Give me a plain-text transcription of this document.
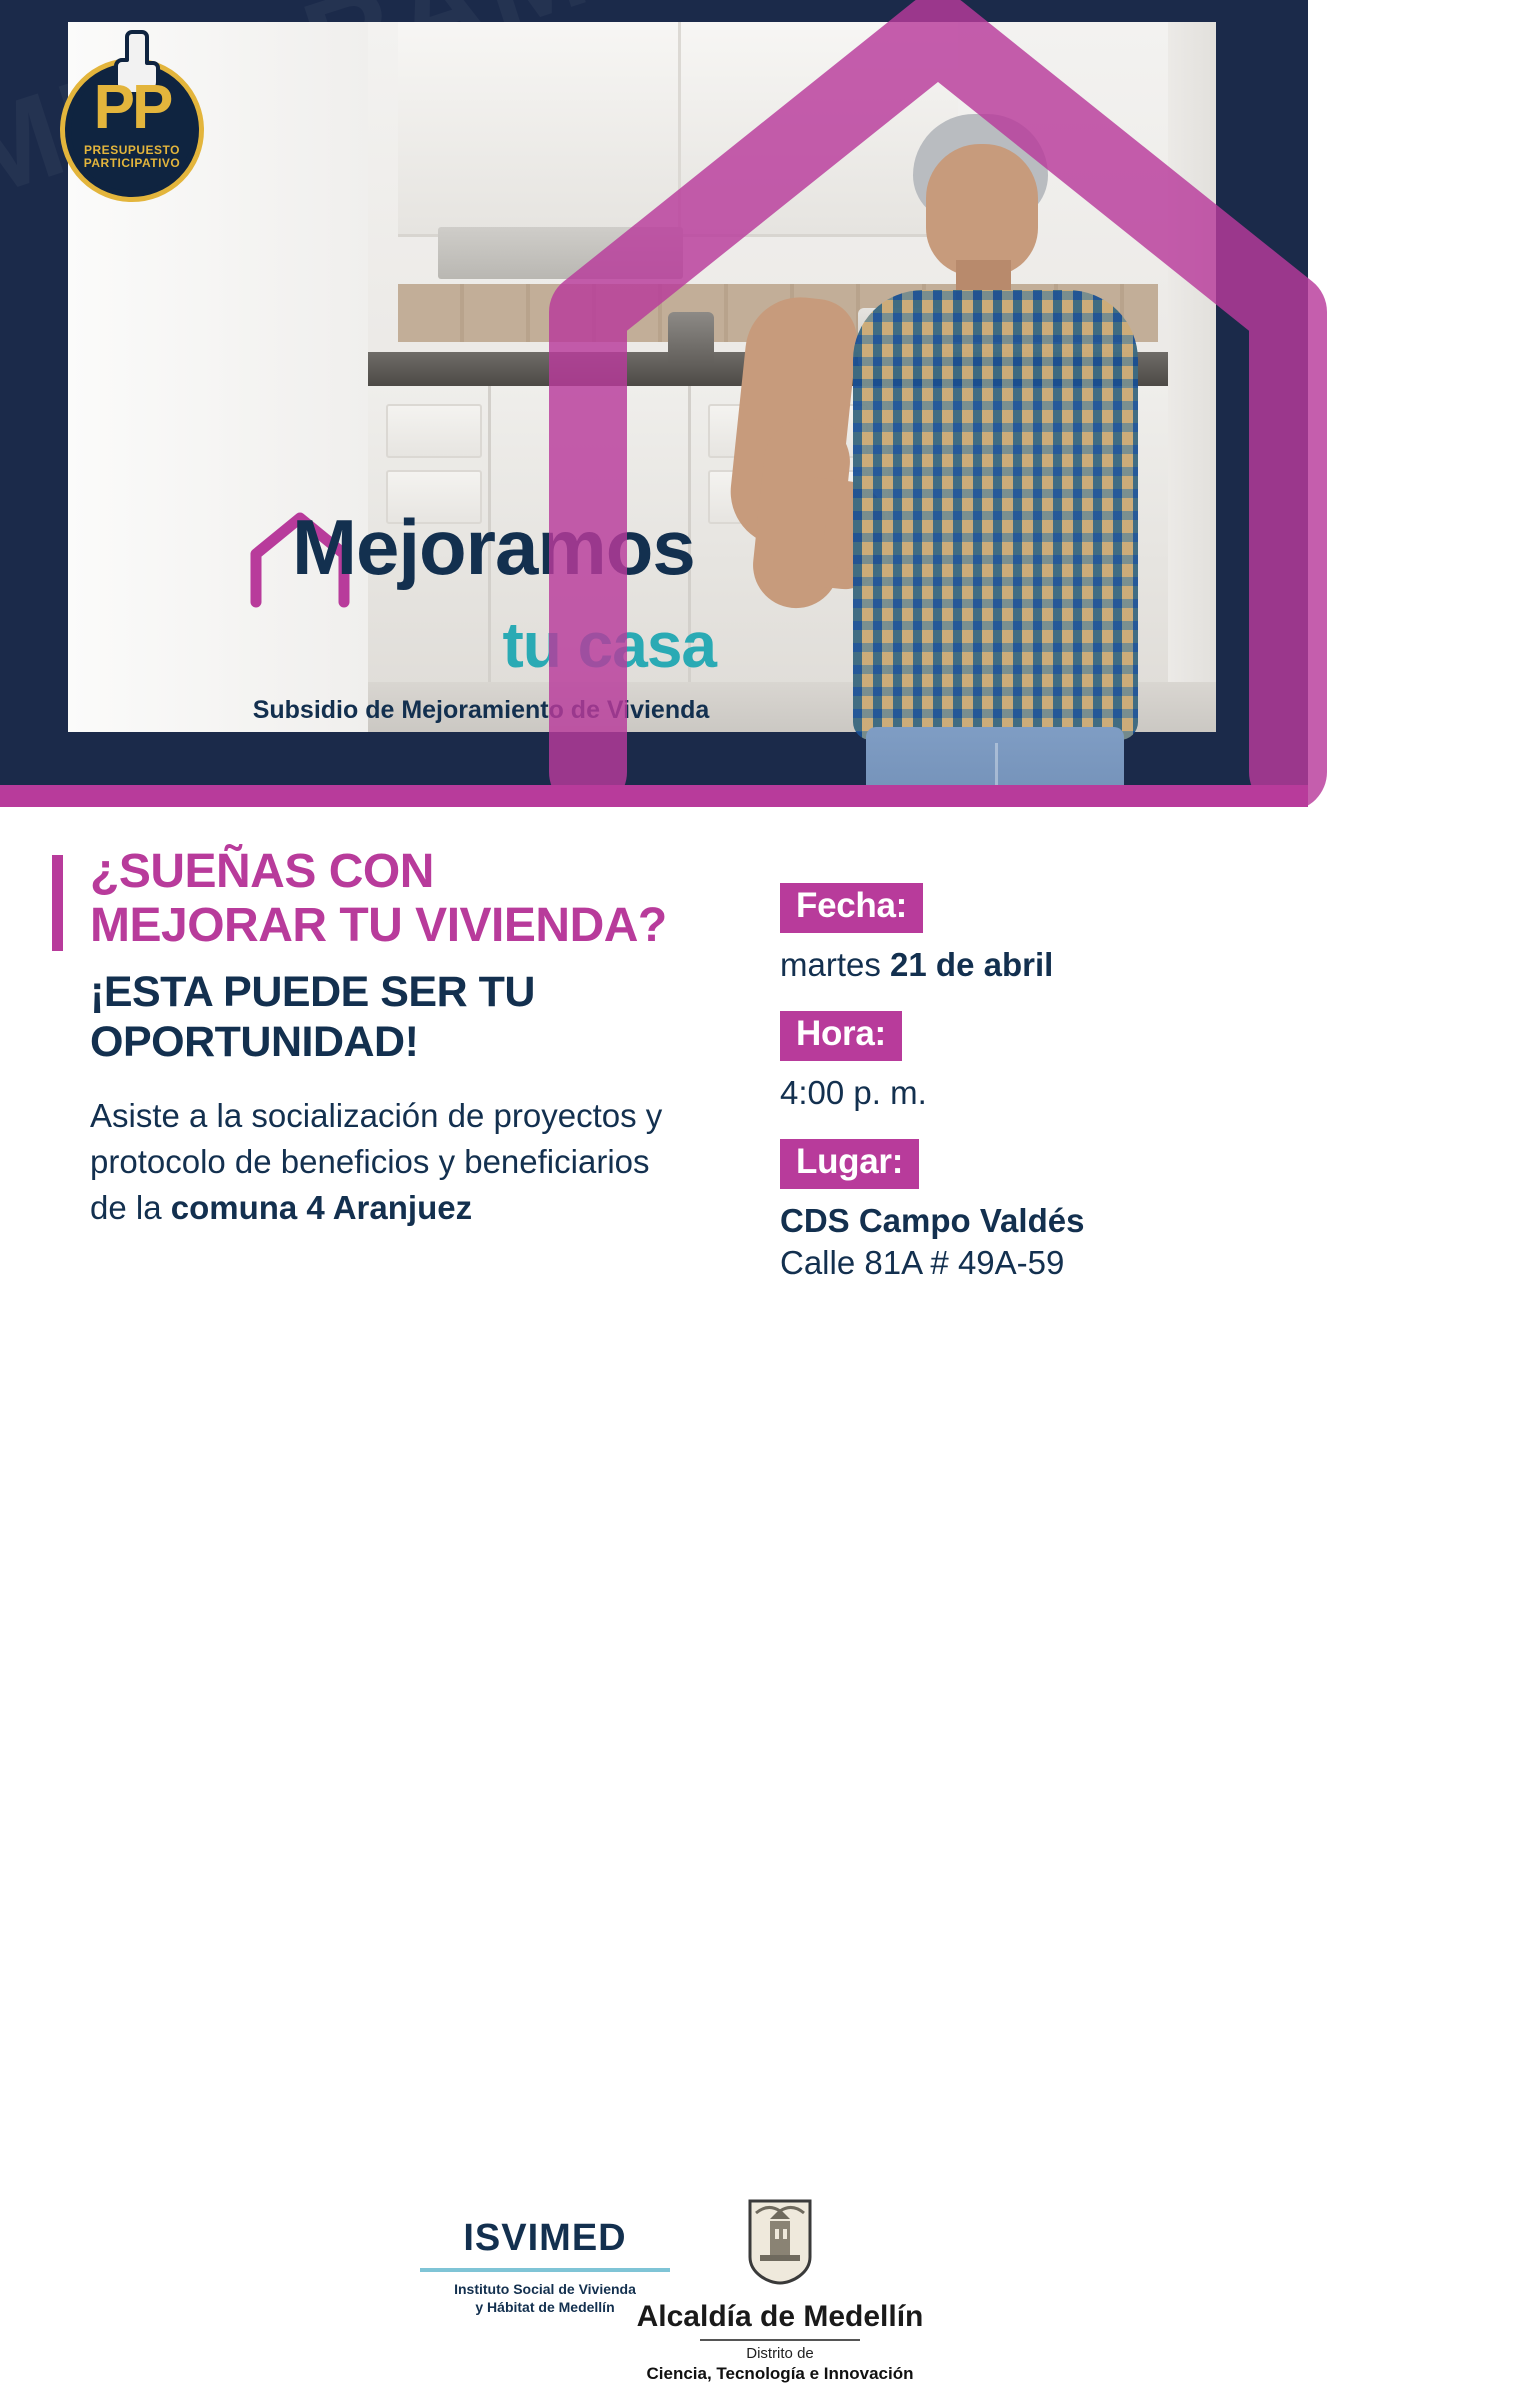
Mejoramos
tu casa
Subsidio de Mejoramiento de Vivienda
PP
PRESUPUESTO
PARTICIPATIVO
¿SUEÑAS CON MEJORAR TU VIVIENDA?
¡ESTA PUEDE SER TU OPORTUNIDAD!
Asiste a la socialización de proyectos y protocolo de beneficios y beneficiarios de la comuna 4 Aranjuez
Fecha:
martes 21 de abril
Hora:
4:00 p. m.
Lugar:
CDS Campo Valdés
Calle 81A # 49A-59
ISVIMED
Instituto Social de Vivienda
y Hábitat de Medellín Alcaldía de Medellín
Distrito de
Ciencia, Tecnología e Innovación
